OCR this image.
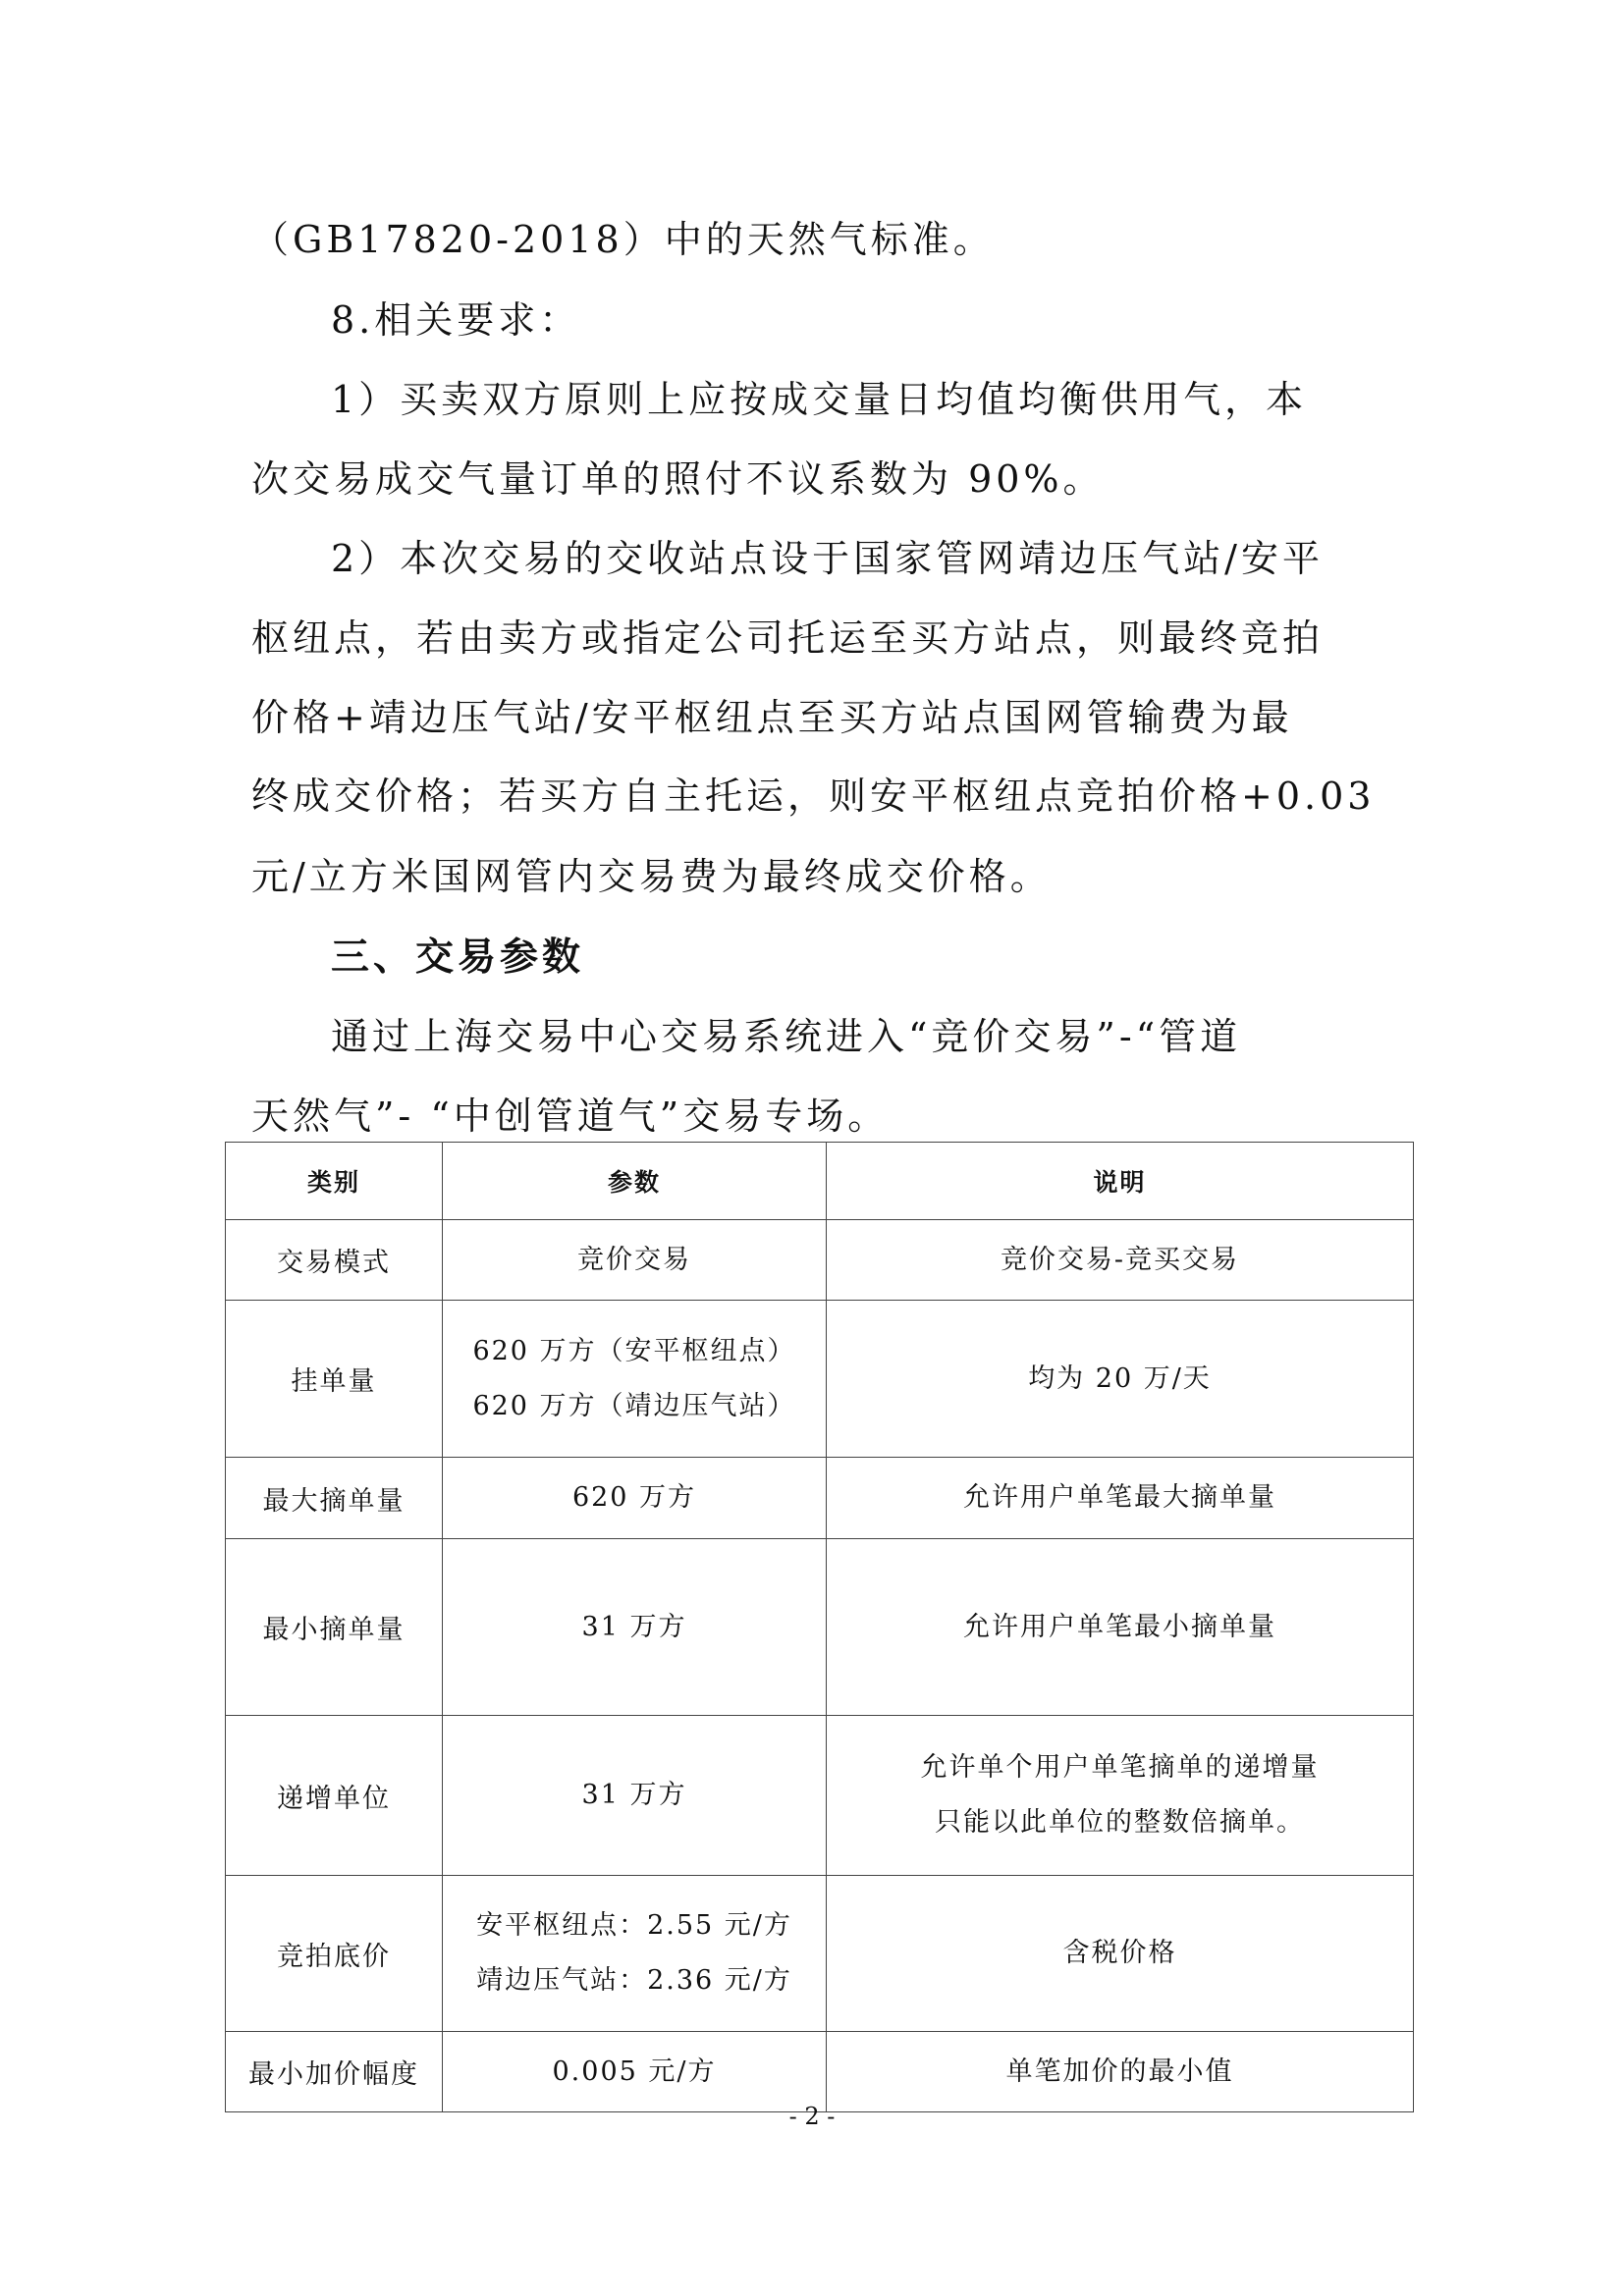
（GB17820-2018）中的天然气标准。
8.相关要求：
1）买卖双方原则上应按成交量日均值均衡供用气，本
次交易成交气量订单的照付不议系数为 90%。
2）本次交易的交收站点设于国家管网靖边压气站/安平
枢纽点，若由卖方或指定公司托运至买方站点，则最终竞拍
价格+靖边压气站/安平枢纽点至买方站点国网管输费为最
终成交价格；若买方自主托运，则安平枢纽点竞拍价格+0.03
元/立方米国网管内交易费为最终成交价格。
三、交易参数
通过上海交易中心交易系统进入“竞价交易”-“管道
天然气”- “中创管道气”交易专场。
类别	参数	说明
交易模式	竞价交易	竞价交易-竞买交易

挂单量	620 万方（安平枢纽点）
620 万方（靖边压气站）	均为 20 万/天

最大摘单量	620 万方	允许用户单笔最大摘单量

最小摘单量	31 万方	允许用户单笔最小摘单量

递增单位	31 万方	允许单个用户单笔摘单的递增量
只能以此单位的整数倍摘单。

竞拍底价	安平枢纽点：2.55 元/方
靖边压气站：2.36 元/方	含税价格

最小加价幅度	0.005 元/方	单笔加价的最小值
- 2 -
